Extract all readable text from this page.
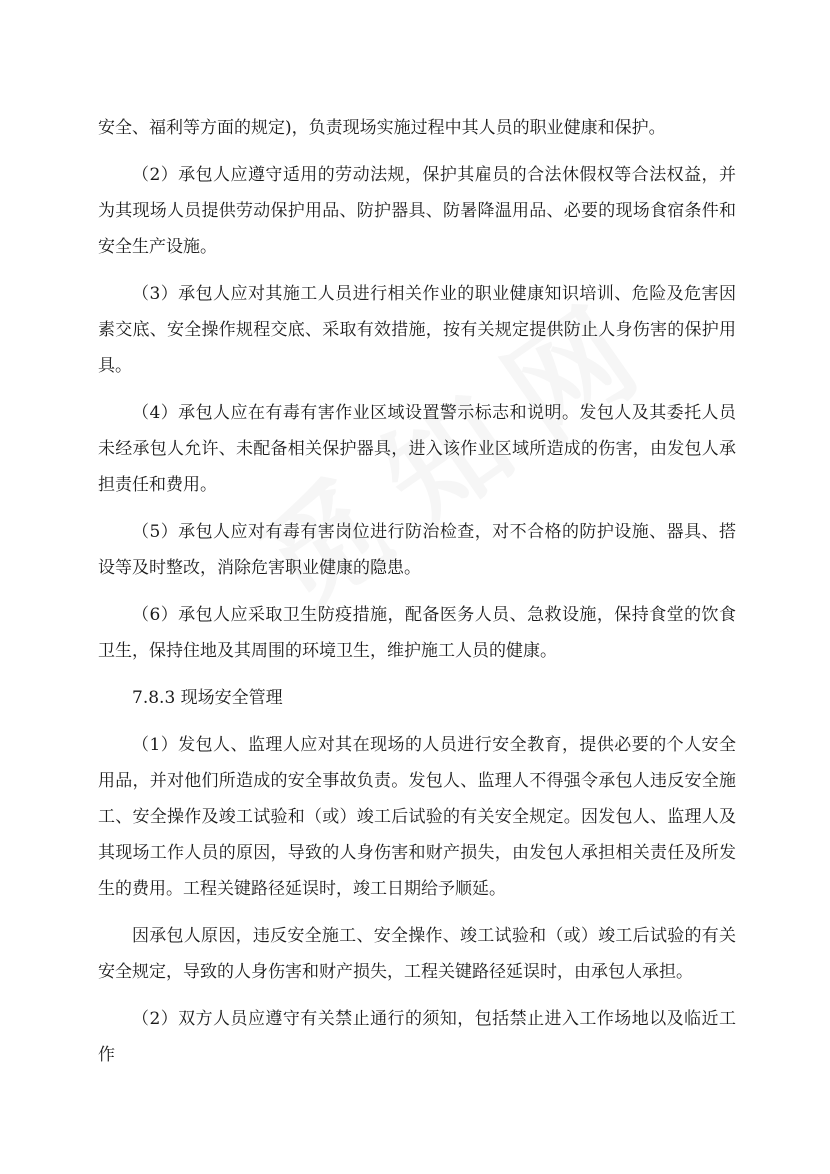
安全、福利等方面的规定)，负责现场实施过程中其人员的职业健康和保护。

（2）承包人应遵守适用的劳动法规，保护其雇员的合法休假权等合法权益，并为其现场人员提供劳动保护用品、防护器具、防暑降温用品、必要的现场食宿条件和安全生产设施。

（3）承包人应对其施工人员进行相关作业的职业健康知识培训、危险及危害因素交底、安全操作规程交底、采取有效措施，按有关规定提供防止人身伤害的保护用具。

（4）承包人应在有毒有害作业区域设置警示标志和说明。发包人及其委托人员未经承包人允许、未配备相关保护器具，进入该作业区域所造成的伤害，由发包人承担责任和费用。

（5）承包人应对有毒有害岗位进行防治检查，对不合格的防护设施、器具、搭设等及时整改，消除危害职业健康的隐患。

（6）承包人应采取卫生防疫措施，配备医务人员、急救设施，保持食堂的饮食卫生，保持住地及其周围的环境卫生，维护施工人员的健康。

7.8.3 现场安全管理

（1）发包人、监理人应对其在现场的人员进行安全教育，提供必要的个人安全用品，并对他们所造成的安全事故负责。发包人、监理人不得强令承包人违反安全施工、安全操作及竣工试验和（或）竣工后试验的有关安全规定。因发包人、监理人及其现场工作人员的原因，导致的人身伤害和财产损失，由发包人承担相关责任及所发生的费用。工程关键路径延误时，竣工日期给予顺延。

因承包人原因，违反安全施工、安全操作、竣工试验和（或）竣工后试验的有关安全规定，导致的人身伤害和财产损失，工程关键路径延误时，由承包人承担。

（2）双方人员应遵守有关禁止通行的须知，包括禁止进入工作场地以及临近工作
